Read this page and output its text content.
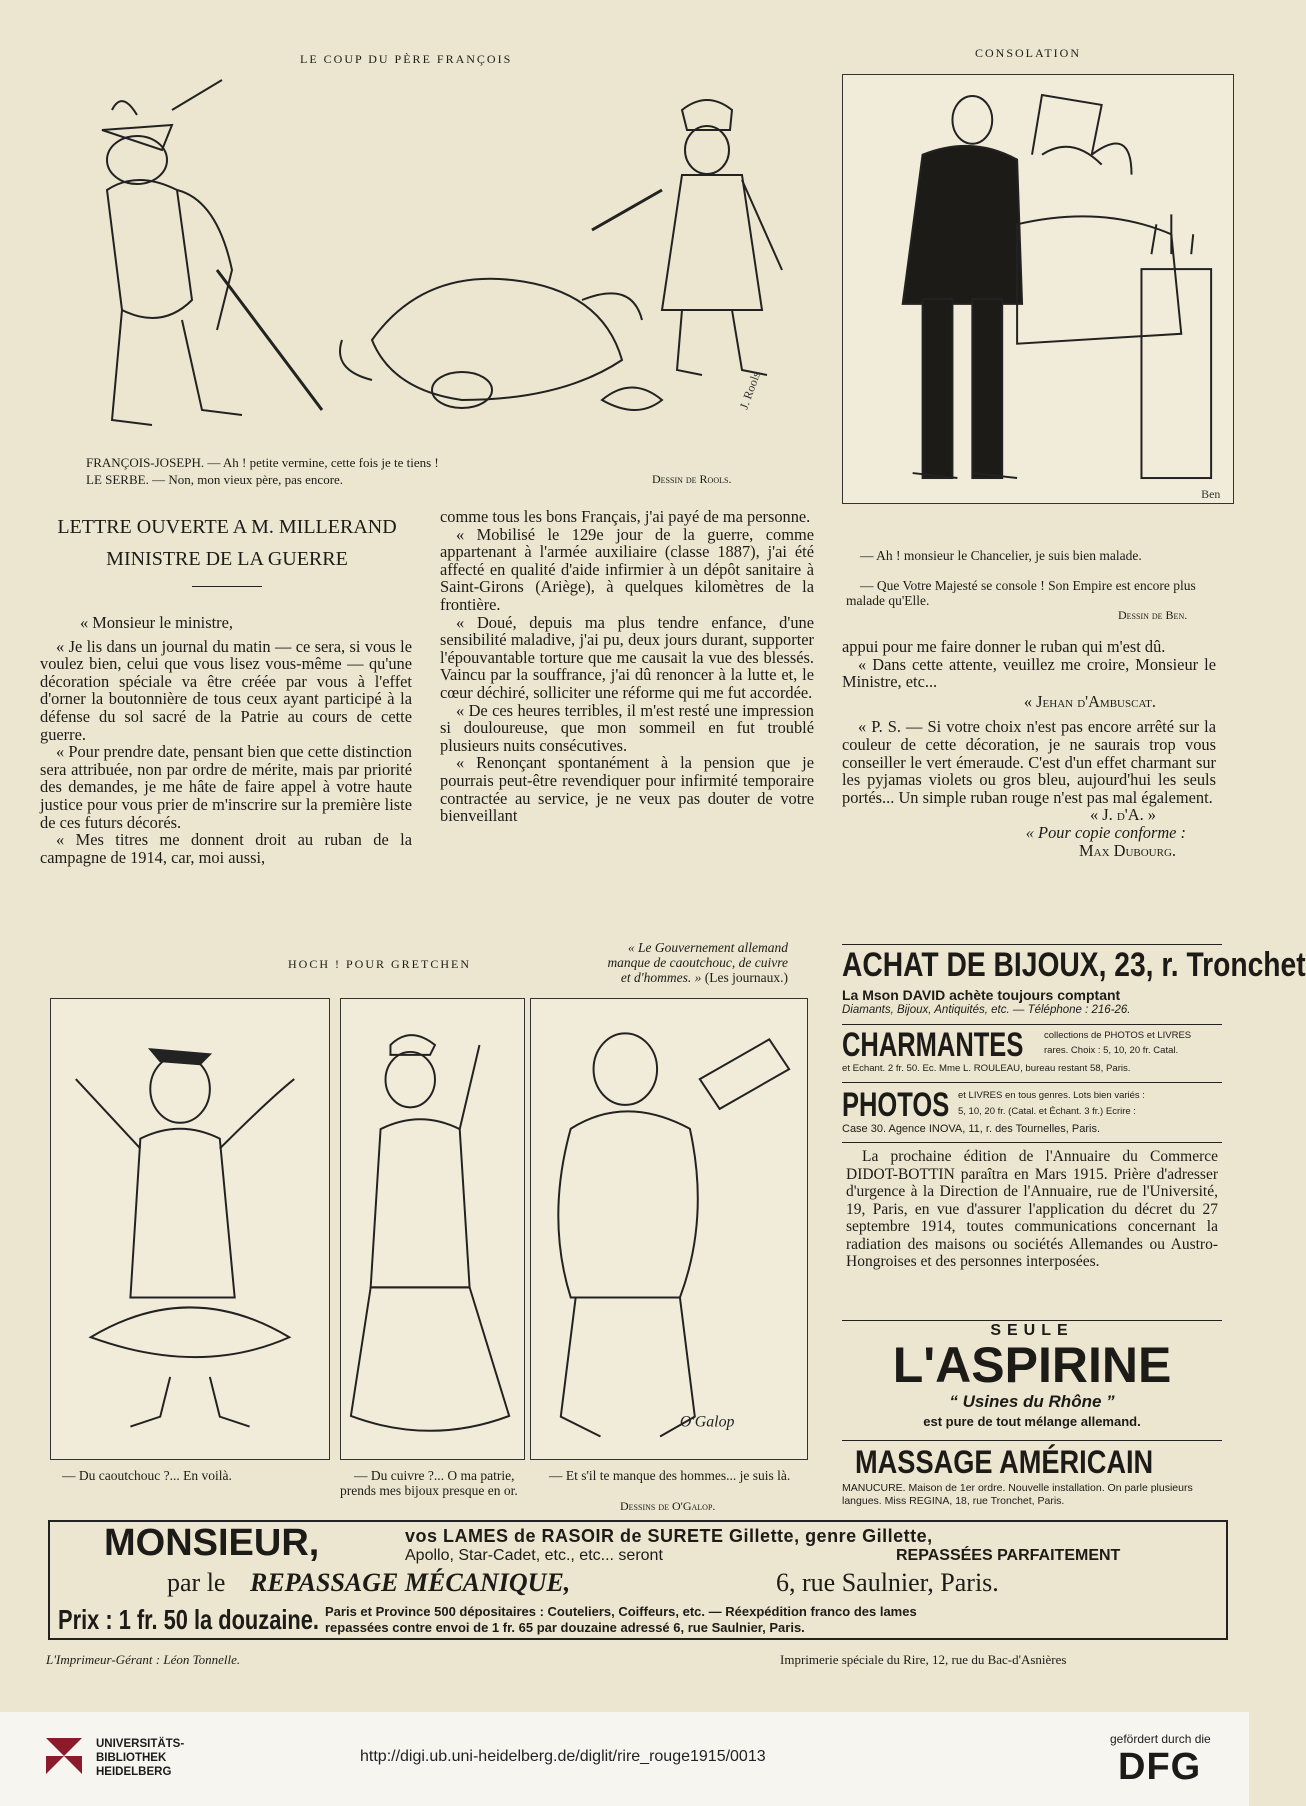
LE COUP DU PÈRE FRANÇOIS
J. Rools
FRANÇOIS-JOSEPH. — Ah ! petite vermine, cette fois je te tiens !
LE SERBE. — Non, mon vieux père, pas encore.	Dessin de Rools.
CONSOLATION
Ben
— Ah ! monsieur le Chancelier, je suis bien malade.
— Que Votre Majesté se console ! Son Empire est encore plus malade qu'Elle.
Dessin de Ben.
LETTRE OUVERTE A M. MILLERAND
MINISTRE DE LA GUERRE

« Monsieur le ministre,

« Je lis dans un journal du matin — ce sera, si vous le voulez bien, celui que vous lisez vous-même — qu'une décoration spéciale va être créée par vous à l'effet d'orner la boutonnière de tous ceux ayant participé à la défense du sol sacré de la Patrie au cours de cette guerre.

« Pour prendre date, pensant bien que cette distinction sera attribuée, non par ordre de mérite, mais par priorité des demandes, je me hâte de faire appel à votre haute justice pour vous prier de m'inscrire sur la première liste de ces futurs décorés.

« Mes titres me donnent droit au ruban de la campagne de 1914, car, moi aussi,

comme tous les bons Français, j'ai payé de ma personne.

« Mobilisé le 129e jour de la guerre, comme appartenant à l'armée auxiliaire (classe 1887), j'ai été affecté en qualité d'aide infirmier à un dépôt sanitaire à Saint-Girons (Ariège), à quelques kilomètres de la frontière.

« Doué, depuis ma plus tendre enfance, d'une sensibilité maladive, j'ai pu, deux jours durant, supporter l'épouvantable torture que me causait la vue des blessés. Vaincu par la souffrance, j'ai dû renoncer à la lutte et, le cœur déchiré, solliciter une réforme qui me fut accordée.

« De ces heures terribles, il m'est resté une impression si douloureuse, que mon sommeil en fut troublé plusieurs nuits consécutives.

« Renonçant spontanément à la pension que je pourrais peut-être revendiquer pour infirmité temporaire contractée au service, je ne veux pas douter de votre bienveillant

appui pour me faire donner le ruban qui m'est dû.

« Dans cette attente, veuillez me croire, Monsieur le Ministre, etc...

« Jehan d'Ambuscat.

« P. S. — Si votre choix n'est pas encore arrêté sur la couleur de cette décoration, je ne saurais trop vous conseiller le vert émeraude. C'est d'un effet charmant sur les pyjamas violets ou gros bleu, aujourd'hui les seuls portés... Un simple ruban rouge n'est pas mal également.

« J. d'A. »

« Pour copie conforme :

Max Dubourg.

HOCH ! POUR GRETCHEN
« Le Gouvernement allemand
manque de caoutchouc, de cuivre
et d'hommes. » (Les journaux.)
O'Galop
— Du caoutchouc ?... En voilà.	— Du cuivre ?... O ma patrie, prends mes bijoux presque en or.
— Et s'il te manque des hommes... je suis là.
Dessins de O'Galop.
ACHAT DE BIJOUX, 23, r. Tronchet
La Mson DAVID achète toujours comptant
Diamants, Bijoux, Antiquités, etc. — Téléphone : 216-26.
CHARMANTES collections de PHOTOS et LIVRES
rares. Choix : 5, 10, 20 fr. Catal.
et Echant. 2 fr. 50. Ec. Mme L. ROULEAU, bureau restant 58, Paris.
PHOTOS et LIVRES en tous genres. Lots bien variés :
5, 10, 20 fr. (Catal. et Échant. 3 fr.) Ecrire :
Case 30. Agence INOVA, 11, r. des Tournelles, Paris.
La prochaine édition de l'Annuaire du Commerce DIDOT-BOTTIN paraîtra en Mars 1915. Prière d'adresser d'urgence à la Direction de l'Annuaire, rue de l'Université, 19, Paris, en vue d'assurer l'application du décret du 27 septembre 1914, toutes communications concernant la radiation des maisons ou sociétés Allemandes ou Austro-Hongroises et des personnes interposées.
SEULE
L'ASPIRINE
“ Usines du Rhône ”
est pure de tout mélange allemand.
MASSAGE AMÉRICAIN
MANUCURE. Maison de 1er ordre. Nouvelle installation. On parle plusieurs langues. Miss REGINA, 18, rue Tronchet, Paris.
MONSIEUR,	vos LAMES de RASOIR de SURETE Gillette, genre Gillette,
Apollo, Star-Cadet, etc., etc... seront	REPASSÉES PARFAITEMENT
par le REPASSAGE MÉCANIQUE,	6, rue Saulnier, Paris.
Prix : 1 fr. 50 la douzaine. Paris et Province 500 dépositaires : Couteliers, Coiffeurs, etc. — Réexpédition franco des lames
repassées contre envoi de 1 fr. 65 par douzaine adressé 6, rue Saulnier, Paris.
L'Imprimeur-Gérant : Léon Tonnelle.	Imprimerie spéciale du Rire, 12, rue du Bac-d'Asnières
UNIVERSITÄTS-
BIBLIOTHEK
HEIDELBERG
http://digi.ub.uni-heidelberg.de/diglit/rire_rouge1915/0013
gefördert durch die
DFG
